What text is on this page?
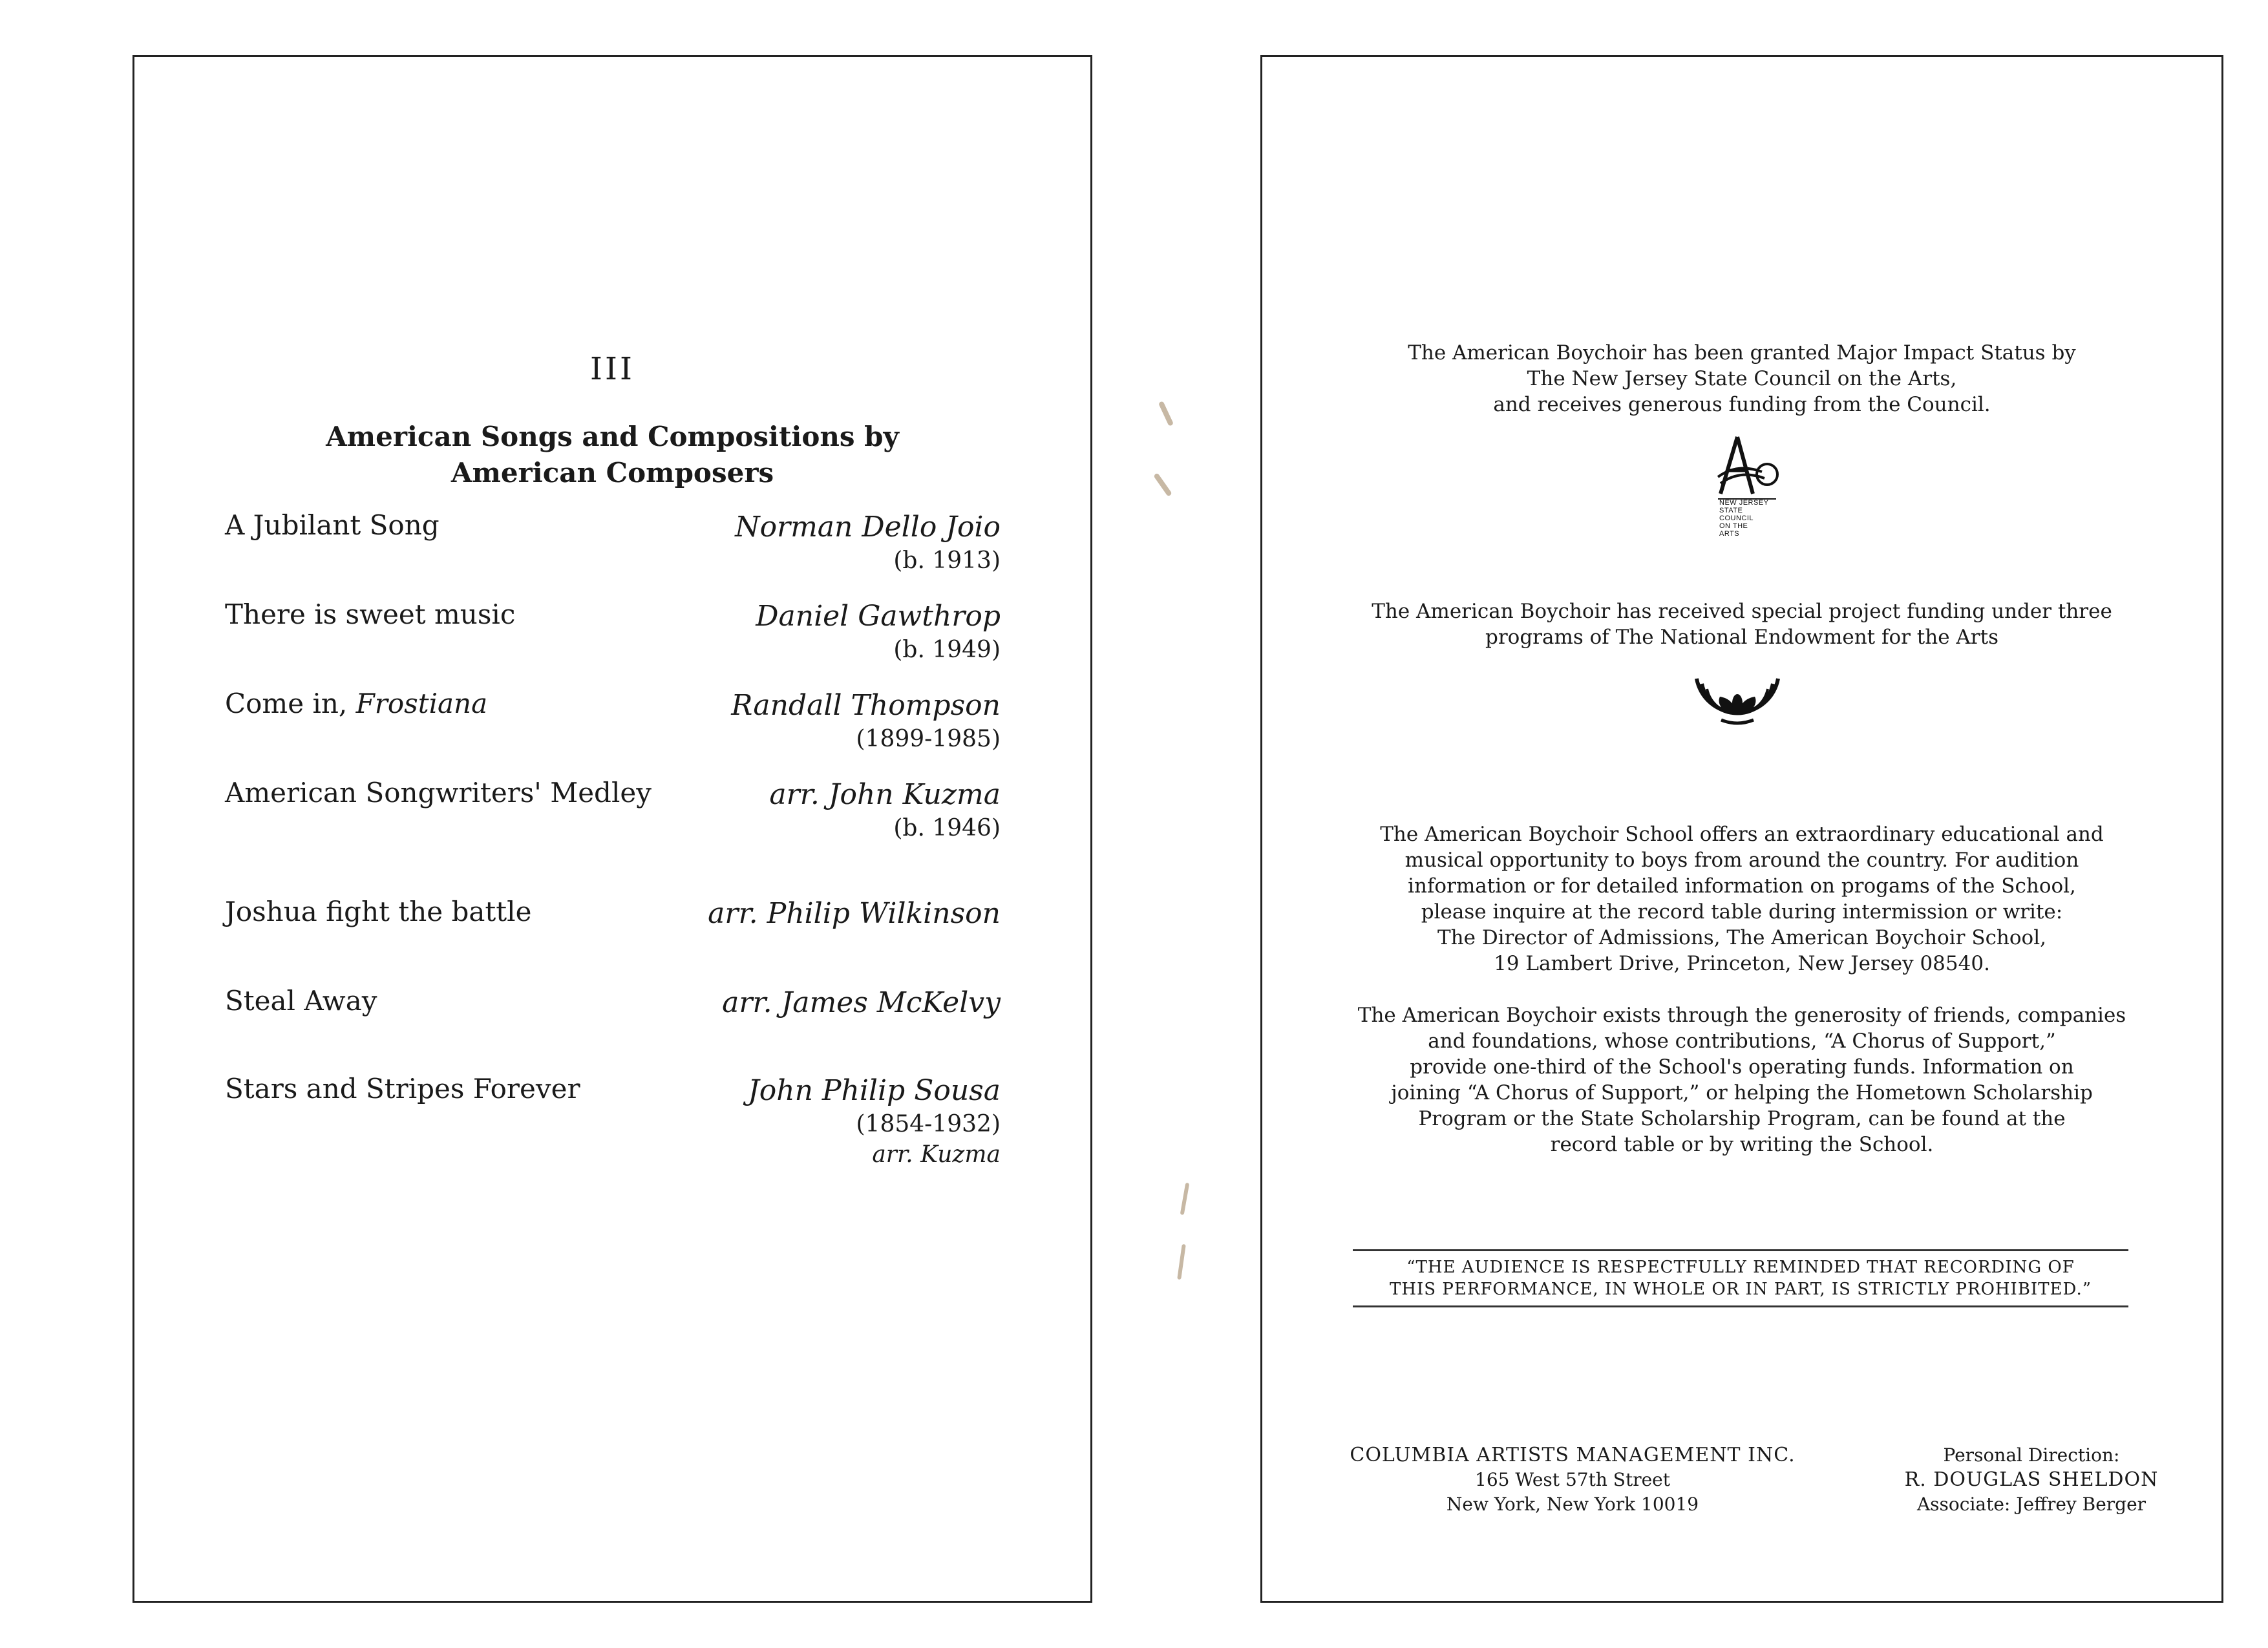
III
American Songs and Compositions by
American Composers
A Jubilant Song	Norman Dello Joio
(b. 1913)
There is sweet music	Daniel Gawthrop
(b. 1949)
Come in, Frostiana	Randall Thompson
(1899-1985)
American Songwriters' Medley	arr. John Kuzma
(b. 1946)
Joshua fight the battle	arr. Philip Wilkinson
Steal Away	arr. James McKelvy
Stars and Stripes Forever	John Philip Sousa
(1854-1932)
arr. Kuzma
The American Boychoir has been granted Major Impact Status by
The New Jersey State Council on the Arts,
and receives generous funding from the Council.
NEW JERSEY
STATE
COUNCIL
ON THE
ARTS
The American Boychoir has received special project funding under three
programs of The National Endowment for the Arts
The American Boychoir School offers an extraordinary educational and
musical opportunity to boys from around the country. For audition
information or for detailed information on progams of the School,
please inquire at the record table during intermission or write:
The Director of Admissions, The American Boychoir School,
19 Lambert Drive, Princeton, New Jersey 08540.
The American Boychoir exists through the generosity of friends, companies
and foundations, whose contributions, “A Chorus of Support,”
provide one-third of the School's operating funds. Information on
joining “A Chorus of Support,” or helping the Hometown Scholarship
Program or the State Scholarship Program, can be found at the
record table or by writing the School.
“THE AUDIENCE IS RESPECTFULLY REMINDED THAT RECORDING OF
THIS PERFORMANCE, IN WHOLE OR IN PART, IS STRICTLY PROHIBITED.”
COLUMBIA ARTISTS MANAGEMENT INC.
165 West 57th Street
New York, New York 10019
Personal Direction:
R. DOUGLAS SHELDON
Associate: Jeffrey Berger
